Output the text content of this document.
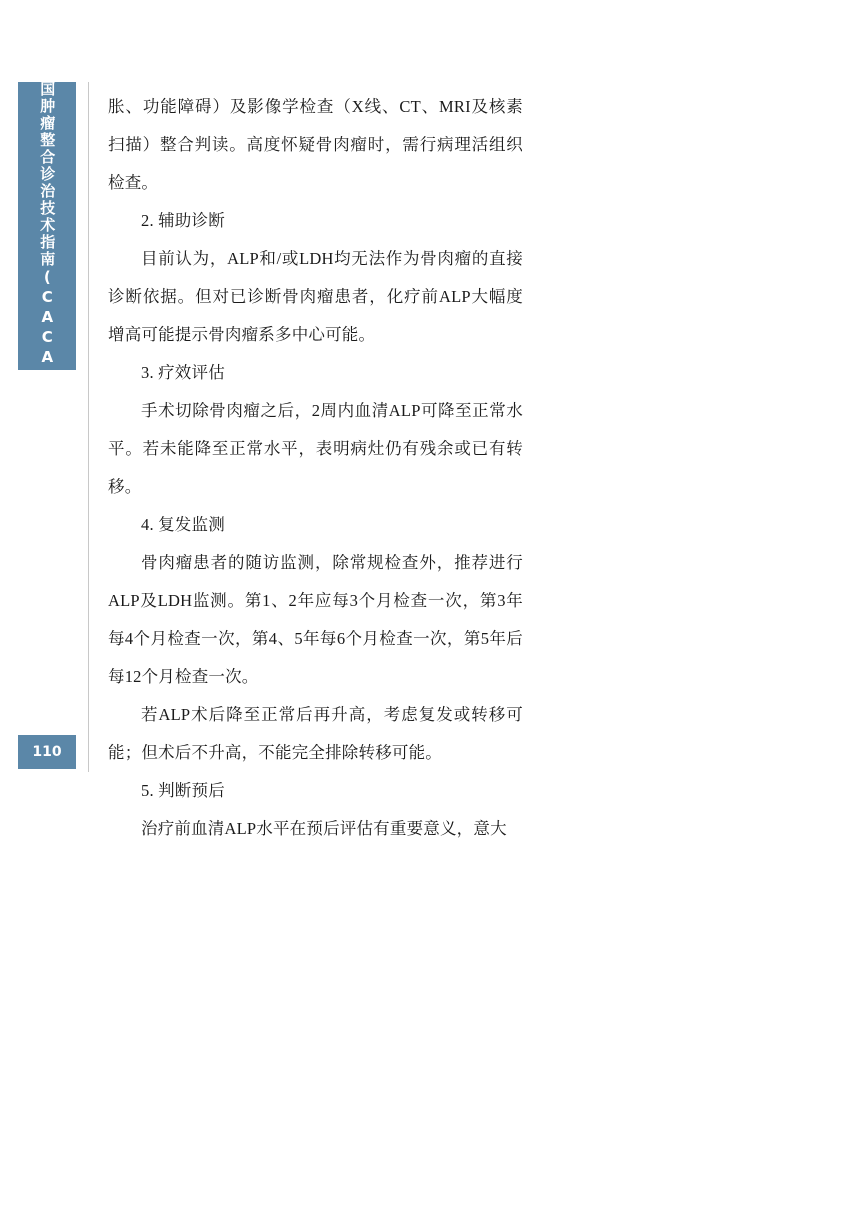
中国肿瘤整合诊治技术指南(CACA)
110

胀、功能障碍）及影像学检查（X线、CT、MRI及核素扫描）整合判读。高度怀疑骨肉瘤时，需行病理活组织检查。

2. 辅助诊断

目前认为，ALP和/或LDH均无法作为骨肉瘤的直接诊断依据。但对已诊断骨肉瘤患者，化疗前ALP大幅度增高可能提示骨肉瘤系多中心可能。

3. 疗效评估

手术切除骨肉瘤之后，2周内血清ALP可降至正常水平。若未能降至正常水平，表明病灶仍有残余或已有转移。

4. 复发监测

骨肉瘤患者的随访监测，除常规检查外，推荐进行ALP及LDH监测。第1、2年应每3个月检查一次，第3年每4个月检查一次，第4、5年每6个月检查一次，第5年后每12个月检查一次。

若ALP术后降至正常后再升高，考虑复发或转移可能；但术后不升高，不能完全排除转移可能。

5. 判断预后

治疗前血清ALP水平在预后评估有重要意义，意大
